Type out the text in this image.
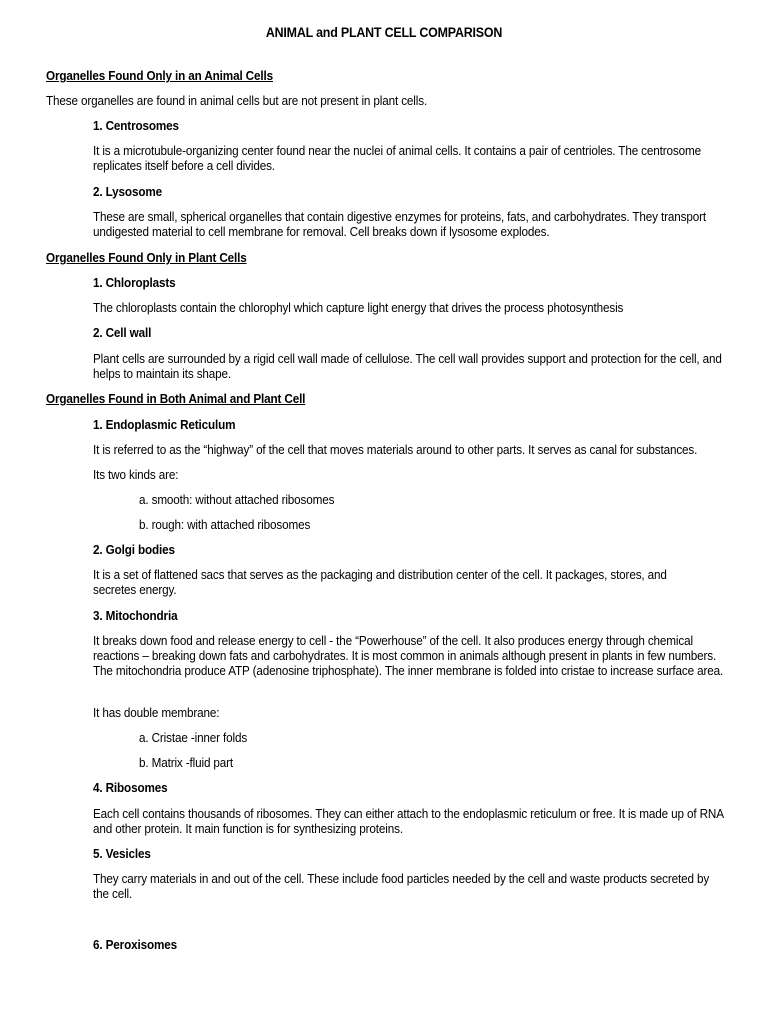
ANIMAL and PLANT CELL COMPARISON
Organelles Found Only in an Animal Cells
These organelles are found in animal cells but are not present in plant cells.
1. Centrosomes
It is a microtubule-organizing center found near the nuclei of animal cells. It contains a pair of centrioles. The centrosome replicates itself before a cell divides.
2. Lysosome
These are small, spherical organelles that contain digestive enzymes for proteins, fats, and carbohydrates. They transport undigested material to cell membrane for removal. Cell breaks down if lysosome explodes.
Organelles Found Only in Plant Cells
1. Chloroplasts
The chloroplasts contain the chlorophyl which capture light energy that drives the process photosynthesis
2. Cell wall
Plant cells are surrounded by a rigid cell wall made of cellulose. The cell wall provides support and protection for the cell, and helps to maintain its shape.
Organelles Found in Both Animal and Plant Cell
1. Endoplasmic Reticulum
It is referred to as the “highway” of the cell that moves materials around to other parts. It serves as canal for substances.
Its two kinds are:
a. smooth: without attached ribosomes
b. rough: with attached ribosomes
2. Golgi bodies
It is a set of flattened sacs that serves as the packaging and distribution center of the cell. It packages, stores, and secretes energy.
3. Mitochondria
It breaks down food and release energy to cell - the “Powerhouse” of the cell. It also produces energy through chemical reactions – breaking down fats and carbohydrates. It is most common in animals although present in plants in few numbers. The mitochondria produce ATP (adenosine triphosphate). The inner membrane is folded into cristae to increase surface area.
It has double membrane:
a. Cristae -inner folds
b. Matrix -fluid part
4. Ribosomes
Each cell contains thousands of ribosomes. They can either attach to the endoplasmic reticulum or free. It is made up of RNA and other protein. It main function is for synthesizing proteins.
5. Vesicles
They carry materials in and out of the cell. These include food particles needed by the cell and waste products secreted by the cell.
6. Peroxisomes
